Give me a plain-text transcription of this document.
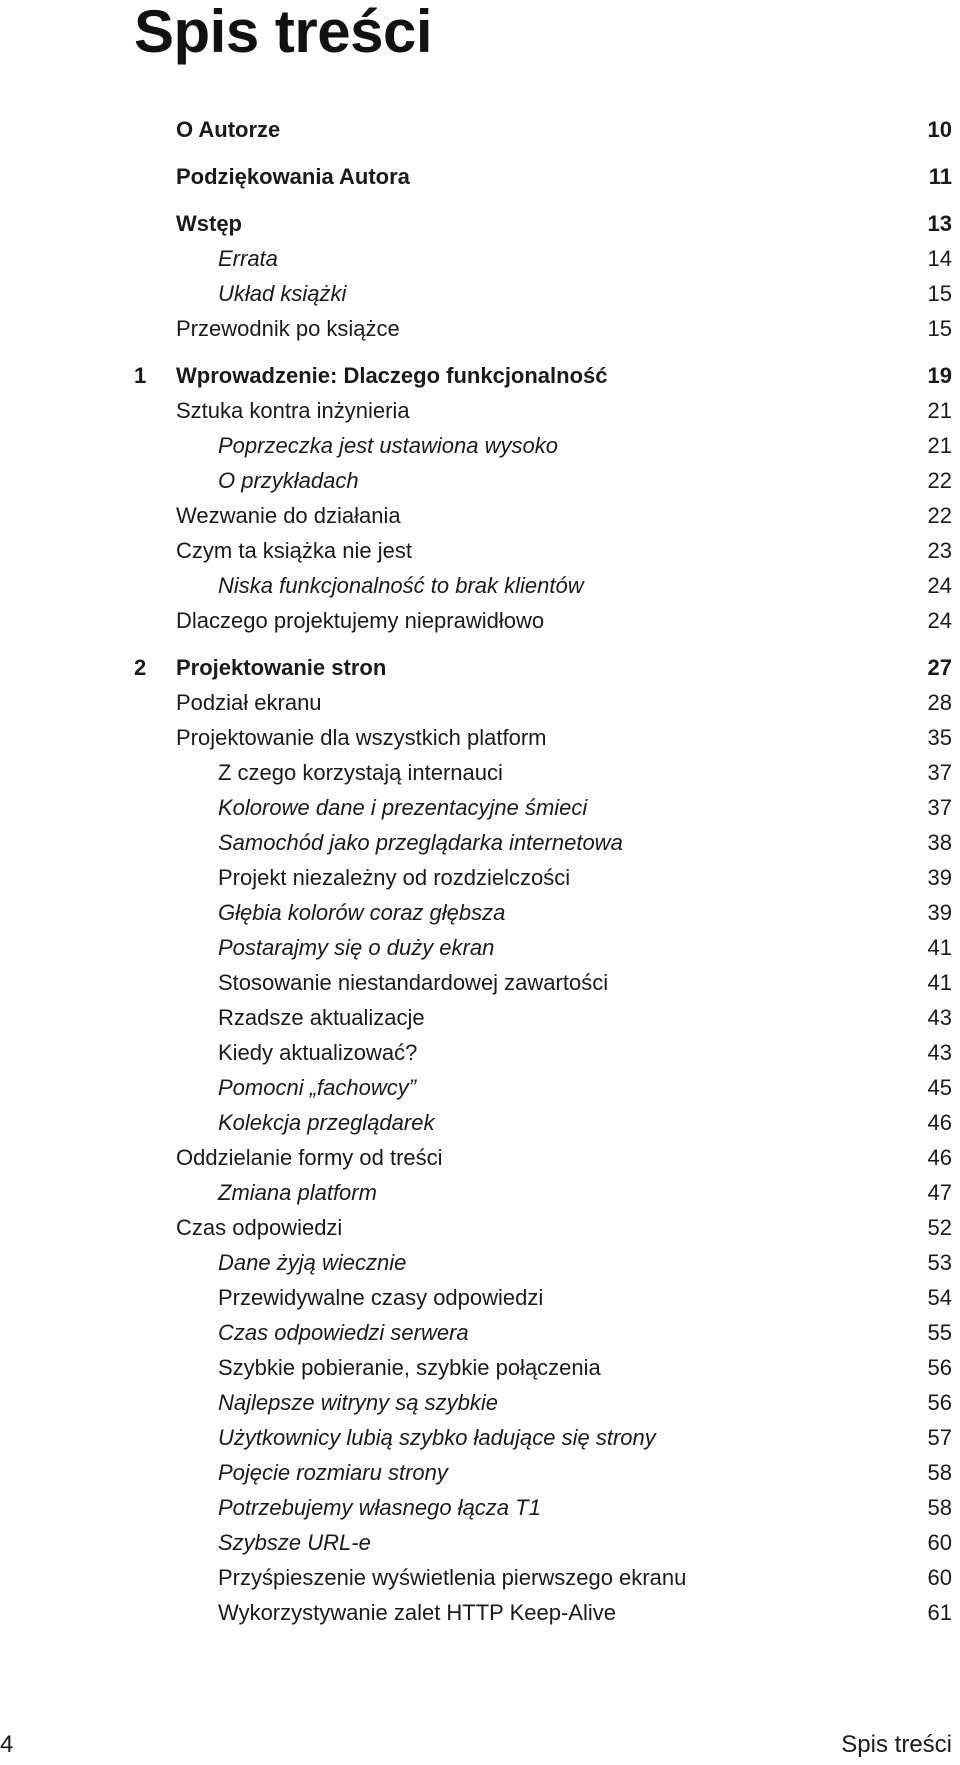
Spis treści
O Autorze	10
Podziękowania Autora	11
Wstęp	13
Errata	14
Układ książki	15
Przewodnik po książce	15
1 Wprowadzenie: Dlaczego funkcjonalność	19
Sztuka kontra inżynieria	21
Poprzeczka jest ustawiona wysoko	21
O przykładach	22
Wezwanie do działania	22
Czym ta książka nie jest	23
Niska funkcjonalność to brak klientów	24
Dlaczego projektujemy nieprawidłowo	24
2 Projektowanie stron	27
Podział ekranu	28
Projektowanie dla wszystkich platform	35
Z czego korzystają internauci	37
Kolorowe dane i prezentacyjne śmieci	37
Samochód jako przeglądarka internetowa	38
Projekt niezależny od rozdzielczości	39
Głębia kolorów coraz głębsza	39
Postarajmy się o duży ekran	41
Stosowanie niestandardowej zawartości	41
Rzadsze aktualizacje	43
Kiedy aktualizować?	43
Pomocni „fachowcy”	45
Kolekcja przeglądarek	46
Oddzielanie formy od treści	46
Zmiana platform	47
Czas odpowiedzi	52
Dane żyją wiecznie	53
Przewidywalne czasy odpowiedzi	54
Czas odpowiedzi serwera	55
Szybkie pobieranie, szybkie połączenia	56
Najlepsze witryny są szybkie	56
Użytkownicy lubią szybko ładujące się strony	57
Pojęcie rozmiaru strony	58
Potrzebujemy własnego łącza T1	58
Szybsze URL-e	60
Przyśpieszenie wyświetlenia pierwszego ekranu	60
Wykorzystywanie zalet HTTP Keep-Alive	61
4	Spis treści
